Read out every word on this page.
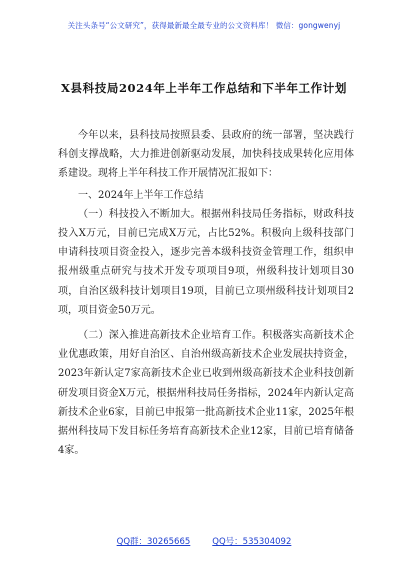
关注头条号“公文研究”，获得最新最全最专业的公文资料库！ 微信：gongwenyj
X县科技局2024年上半年工作总结和下半年工作计划

今年以来，县科技局按照县委、县政府的统一部署，坚决践行科创支撑战略，大力推进创新驱动发展，加快科技成果转化应用体系建设。现将上半年科技工作开展情况汇报如下：

一、2024年上半年工作总结

（一）科技投入不断加大。根据州科技局任务指标，财政科技投入X万元，目前已完成X万元，占比52%。积极向上级科技部门申请科技项目资金投入，逐步完善本级科技资金管理工作，组织申报州级重点研究与技术开发专项项目9项，州级科技计划项目30项，自治区级科技计划项目19项，目前已立项州级科技计划项目2项，项目资金50万元。

（二）深入推进高新技术企业培育工作。积极落实高新技术企业优惠政策，用好自治区、自治州级高新技术企业发展扶持资金，2023年新认定7家高新技术企业已收到州级高新技术企业科技创新研发项目资金X万元，根据州科技局任务指标，2024年内新认定高新技术企业6家，目前已申报第一批高新技术企业11家，2025年根据州科技局下发目标任务培育高新技术企业12家，目前已培育储备4家。

QQ群：30265665	QQ号：535304092
